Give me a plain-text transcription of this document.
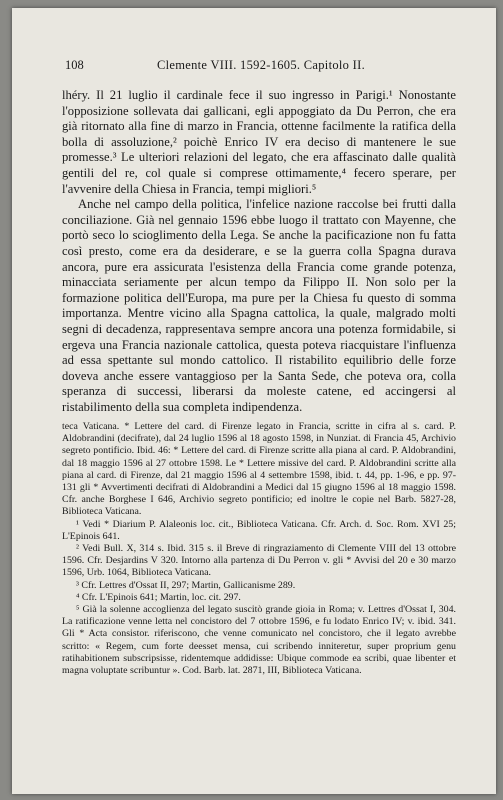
108	Clemente VIII. 1592-1605. Capitolo II.

lhéry. Il 21 luglio il cardinale fece il suo ingresso in Parigi.¹ Nonostante l'opposizione sollevata dai gallicani, egli appoggiato da Du Perron, che era già ritornato alla fine di marzo in Francia, ottenne facilmente la ratifica della bolla di assoluzione,² poichè Enrico IV era deciso di mantenere le sue promesse.³ Le ulteriori relazioni del legato, che era affascinato dalle qualità gentili del re, col quale si comprese ottimamente,⁴ fecero sperare, per l'avvenire della Chiesa in Francia, tempi migliori.⁵

Anche nel campo della politica, l'infelice nazione raccolse bei frutti dalla conciliazione. Già nel gennaio 1596 ebbe luogo il trattato con Mayenne, che portò seco lo scioglimento della Lega. Se anche la pacificazione non fu fatta così presto, come era da desiderare, e se la guerra colla Spagna durava ancora, pure era assicurata l'esistenza della Francia come grande potenza, minacciata seriamente per alcun tempo da Filippo II. Non solo per la formazione politica dell'Europa, ma pure per la Chiesa fu questo di somma importanza. Mentre vicino alla Spagna cattolica, la quale, malgrado molti segni di decadenza, rappresentava sempre ancora una potenza formidabile, si ergeva una Francia nazionale cattolica, questa poteva riacquistare l'influenza ad essa spettante sul mondo cattolico. Il ristabilito equilibrio delle forze doveva anche essere vantaggioso per la Santa Sede, che poteva ora, colla speranza di successi, liberarsi da moleste catene, ed accingersi al ristabilimento della sua completa indipendenza.

teca Vaticana. * Lettere del card. di Firenze legato in Francia, scritte in cifra al s. card. P. Aldobrandini (decifrate), dal 24 luglio 1596 al 18 agosto 1598, in Nunziat. di Francia 45, Archivio segreto pontificio. Ibid. 46: * Lettere del card. di Firenze scritte alla piana al card. P. Aldobrandini, dal 18 maggio 1596 al 27 ottobre 1598. Le * Lettere missive del card. P. Aldobrandini scritte alla piana al card. di Firenze, dal 21 maggio 1596 al 4 settembre 1598, ibid. t. 44, pp. 1-96, e pp. 97-131 gli * Avvertimenti decifrati di Aldobrandini a Medici dal 15 giugno 1596 al 18 maggio 1598. Cfr. anche Borghese I 646, Archivio segreto pontificio; ed inoltre le copie nel Barb. 5827-28, Biblioteca Vaticana.

¹ Vedi * Diarium P. Alaleonis loc. cit., Biblioteca Vaticana. Cfr. Arch. d. Soc. Rom. XVI 25; L'Epinois 641.

² Vedi Bull. X, 314 s. Ibid. 315 s. il Breve di ringraziamento di Clemente VIII del 13 ottobre 1596. Cfr. Desjardins V 320. Intorno alla partenza di Du Perron v. gli * Avvisi del 20 e 30 marzo 1596, Urb. 1064, Biblioteca Vaticana.

³ Cfr. Lettres d'Ossat II, 297; Martin, Gallicanisme 289.

⁴ Cfr. L'Epinois 641; Martin, loc. cit. 297.

⁵ Già la solenne accoglienza del legato suscitò grande gioia in Roma; v. Lettres d'Ossat I, 304. La ratificazione venne letta nel concistoro del 7 ottobre 1596, e fu lodato Enrico IV; v. ibid. 341. Gli * Acta consistor. riferiscono, che venne comunicato nel concistoro, che il legato avrebbe scritto: « Regem, cum forte deesset mensa, cui scribendo inniteretur, super proprium genu ratihabitionem subscripsisse, ridentemque addidisse: Ubique commode ea scribi, quae libenter et magna voluptate scribuntur ». Cod. Barb. lat. 2871, III, Biblioteca Vaticana.
